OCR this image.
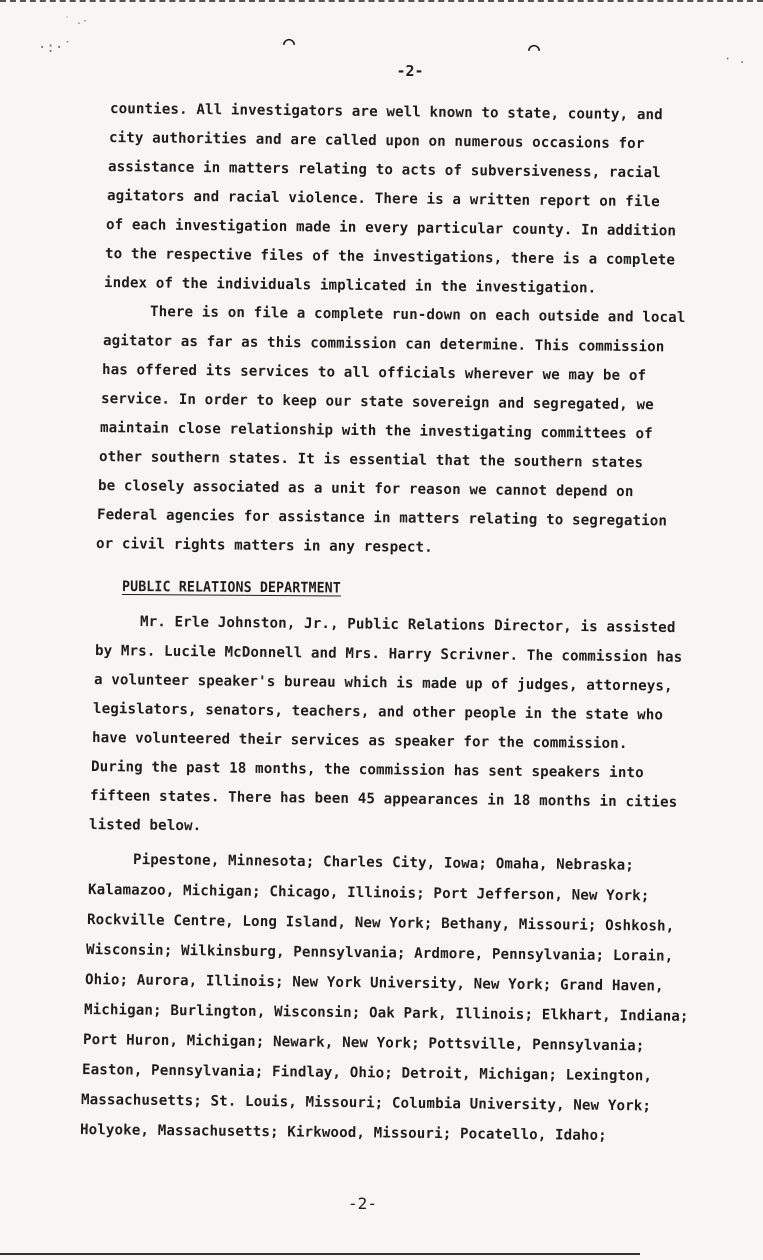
˙ .·
·:·˙
· .
⌒	⌒
-2-
counties. All investigators are well known to state, county, and
city authorities and are called upon on numerous occasions for
assistance in matters relating to acts of subversiveness, racial
agitators and racial violence. There is a written report on file
of each investigation made in every particular county. In addition
to the respective files of the investigations, there is a complete
index of the individuals implicated in the investigation.
There is on file a complete run-down on each outside and local
agitator as far as this commission can determine. This commission
has offered its services to all officials wherever we may be of
service. In order to keep our state sovereign and segregated, we
maintain close relationship with the investigating committees of
other southern states. It is essential that the southern states
be closely associated as a unit for reason we cannot depend on
Federal agencies for assistance in matters relating to segregation
or civil rights matters in any respect.
PUBLIC RELATIONS DEPARTMENT
Mr. Erle Johnston, Jr., Public Relations Director, is assisted
by Mrs. Lucile McDonnell and Mrs. Harry Scrivner. The commission has
a volunteer speaker's bureau which is made up of judges, attorneys,
legislators, senators, teachers, and other people in the state who
have volunteered their services as speaker for the commission.
During the past 18 months, the commission has sent speakers into
fifteen states. There has been 45 appearances in 18 months in cities
listed below.
Pipestone, Minnesota; Charles City, Iowa; Omaha, Nebraska;
Kalamazoo, Michigan; Chicago, Illinois; Port Jefferson, New York;
Rockville Centre, Long Island, New York; Bethany, Missouri; Oshkosh,
Wisconsin; Wilkinsburg, Pennsylvania; Ardmore, Pennsylvania; Lorain,
Ohio; Aurora, Illinois; New York University, New York; Grand Haven,
Michigan; Burlington, Wisconsin; Oak Park, Illinois; Elkhart, Indiana;
Port Huron, Michigan; Newark, New York; Pottsville, Pennsylvania;
Easton, Pennsylvania; Findlay, Ohio; Detroit, Michigan; Lexington,
Massachusetts; St. Louis, Missouri; Columbia University, New York;
Holyoke, Massachusetts; Kirkwood, Missouri; Pocatello, Idaho;
-2-
